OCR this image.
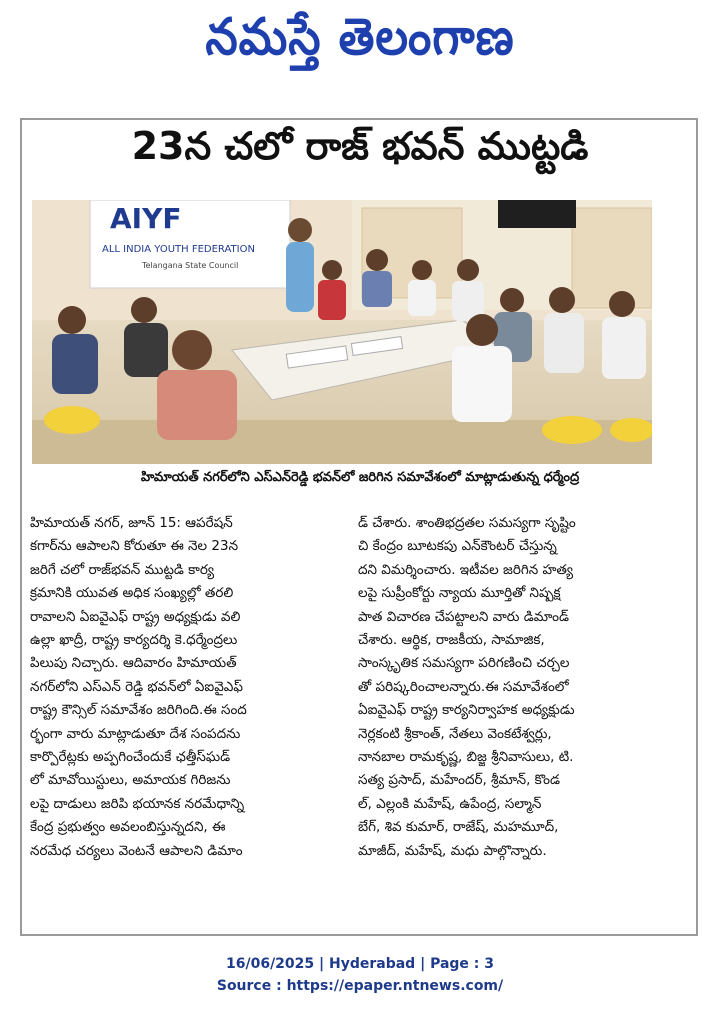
నమస్తే తెలంగాణ
23న చలో రాజ్ భవన్ ముట్టడి
AIYF
ALL INDIA YOUTH FEDERATION
Telangana State Council
హిమాయత్ నగర్‌లోని ఎస్ఎన్‌రెడ్డి భవన్‌లో జరిగిన సమావేశంలో మాట్లాడుతున్న ధర్మేంద్ర
హిమాయత్ నగర్, జూన్ 15: ఆపరేషన్
కగార్‌ను ఆపాలని కోరుతూ ఈ నెల 23న
జరిగే చలో రాజ్‌భవన్ ముట్టడి కార్య
క్రమానికి యువత అధిక సంఖ్యల్లో తరలి
రావాలని ఏఐవైఎఫ్ రాష్ట్ర అధ్యక్షుడు వలి
ఉల్లా ఖాద్రీ, రాష్ట్ర కార్యదర్శి కె.ధర్మేంద్రలు
పిలుపు నిచ్చారు. ఆదివారం హిమాయత్
నగర్‌లోని ఎస్ఎన్ రెడ్డి భవన్‌లో ఏఐవైఎఫ్
రాష్ట్ర కౌన్సిల్ సమావేశం జరిగింది.ఈ సంద
ర్భంగా వారు మాట్లాడుతూ దేశ సంపదను
కార్పొరేట్లకు అప్పగించేందుకే ఛత్తీస్‌ఘడ్
లో మావోయిస్టులు, అమాయక గిరిజను
లపై దాడులు జరిపి భయానక నరమేధాన్ని
కేంద్ర ప్రభుత్వం అవలంబిస్తున్నదని, ఈ
నరమేధ చర్యలు వెంటనే ఆపాలని డిమాం
డ్ చేశారు. శాంతిభద్రతల సమస్యగా సృష్టిం
చి కేంద్రం బూటకపు ఎన్‌కౌంటర్ చేస్తున్న
దని విమర్శించారు. ఇటీవల జరిగిన హత్య
లపై సుప్రీంకోర్టు న్యాయ మూర్తితో నిష్పక్ష
పాత విచారణ చేపట్టాలని వారు డిమాండ్
చేశారు. ఆర్థిక, రాజకీయ, సామాజిక,
సాంస్కృతిక సమస్యగా పరిగణించి చర్చల
తో పరిష్కరించాలన్నారు.ఈ సమావేశంలో
ఏఐవైఎఫ్ రాష్ట్ర కార్యనిర్వాహక అధ్యక్షుడు
నెర్లకంటి శ్రీకాంత్, నేతలు వెంకటేశ్వర్లు,
నానబాల రామకృష్ణ, బిజ్జ శ్రీనివాసులు, టి.
సత్య ప్రసాద్, మహేందర్, శ్రీమాన్, కొండ
ల్, ఎల్లంకి మహేష్, ఉపేంద్ర, సల్మాన్
బేగ్, శివ కుమార్, రాజేష్, మహమూద్,
మాజీద్, మహేష్, మధు పాల్గొన్నారు.
16/06/2025 | Hyderabad | Page : 3
Source : https://epaper.ntnews.com/
